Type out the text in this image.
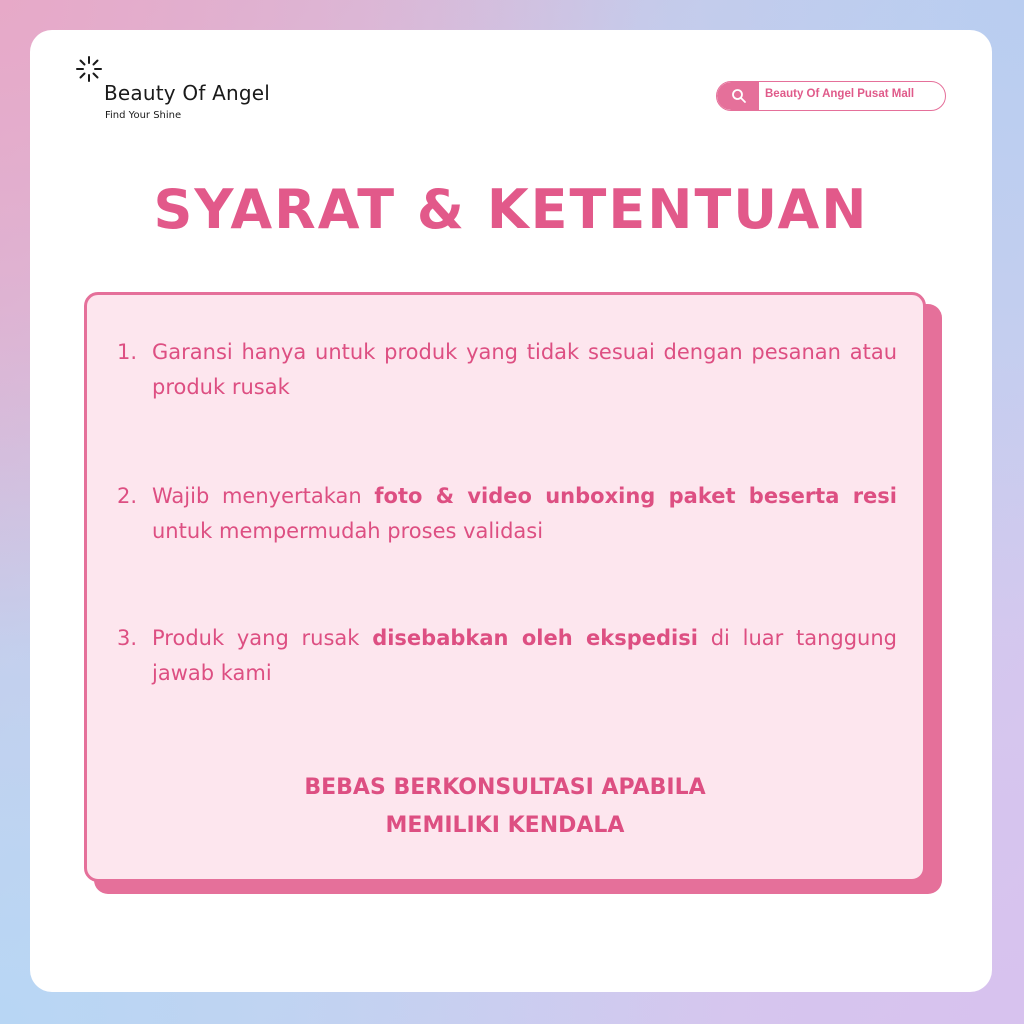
Beauty Of Angel
Find Your Shine
Beauty Of Angel Pusat Mall
SYARAT & KETENTUAN
1. Garansi hanya untuk produk yang tidak sesuai dengan pesanan atau produk rusak
2. Wajib menyertakan foto & video unboxing paket beserta resi untuk mempermudah proses validasi
3. Produk yang rusak disebabkan oleh ekspedisi di luar tanggung jawab kami
BEBAS BERKONSULTASI APABILA
MEMILIKI KENDALA
